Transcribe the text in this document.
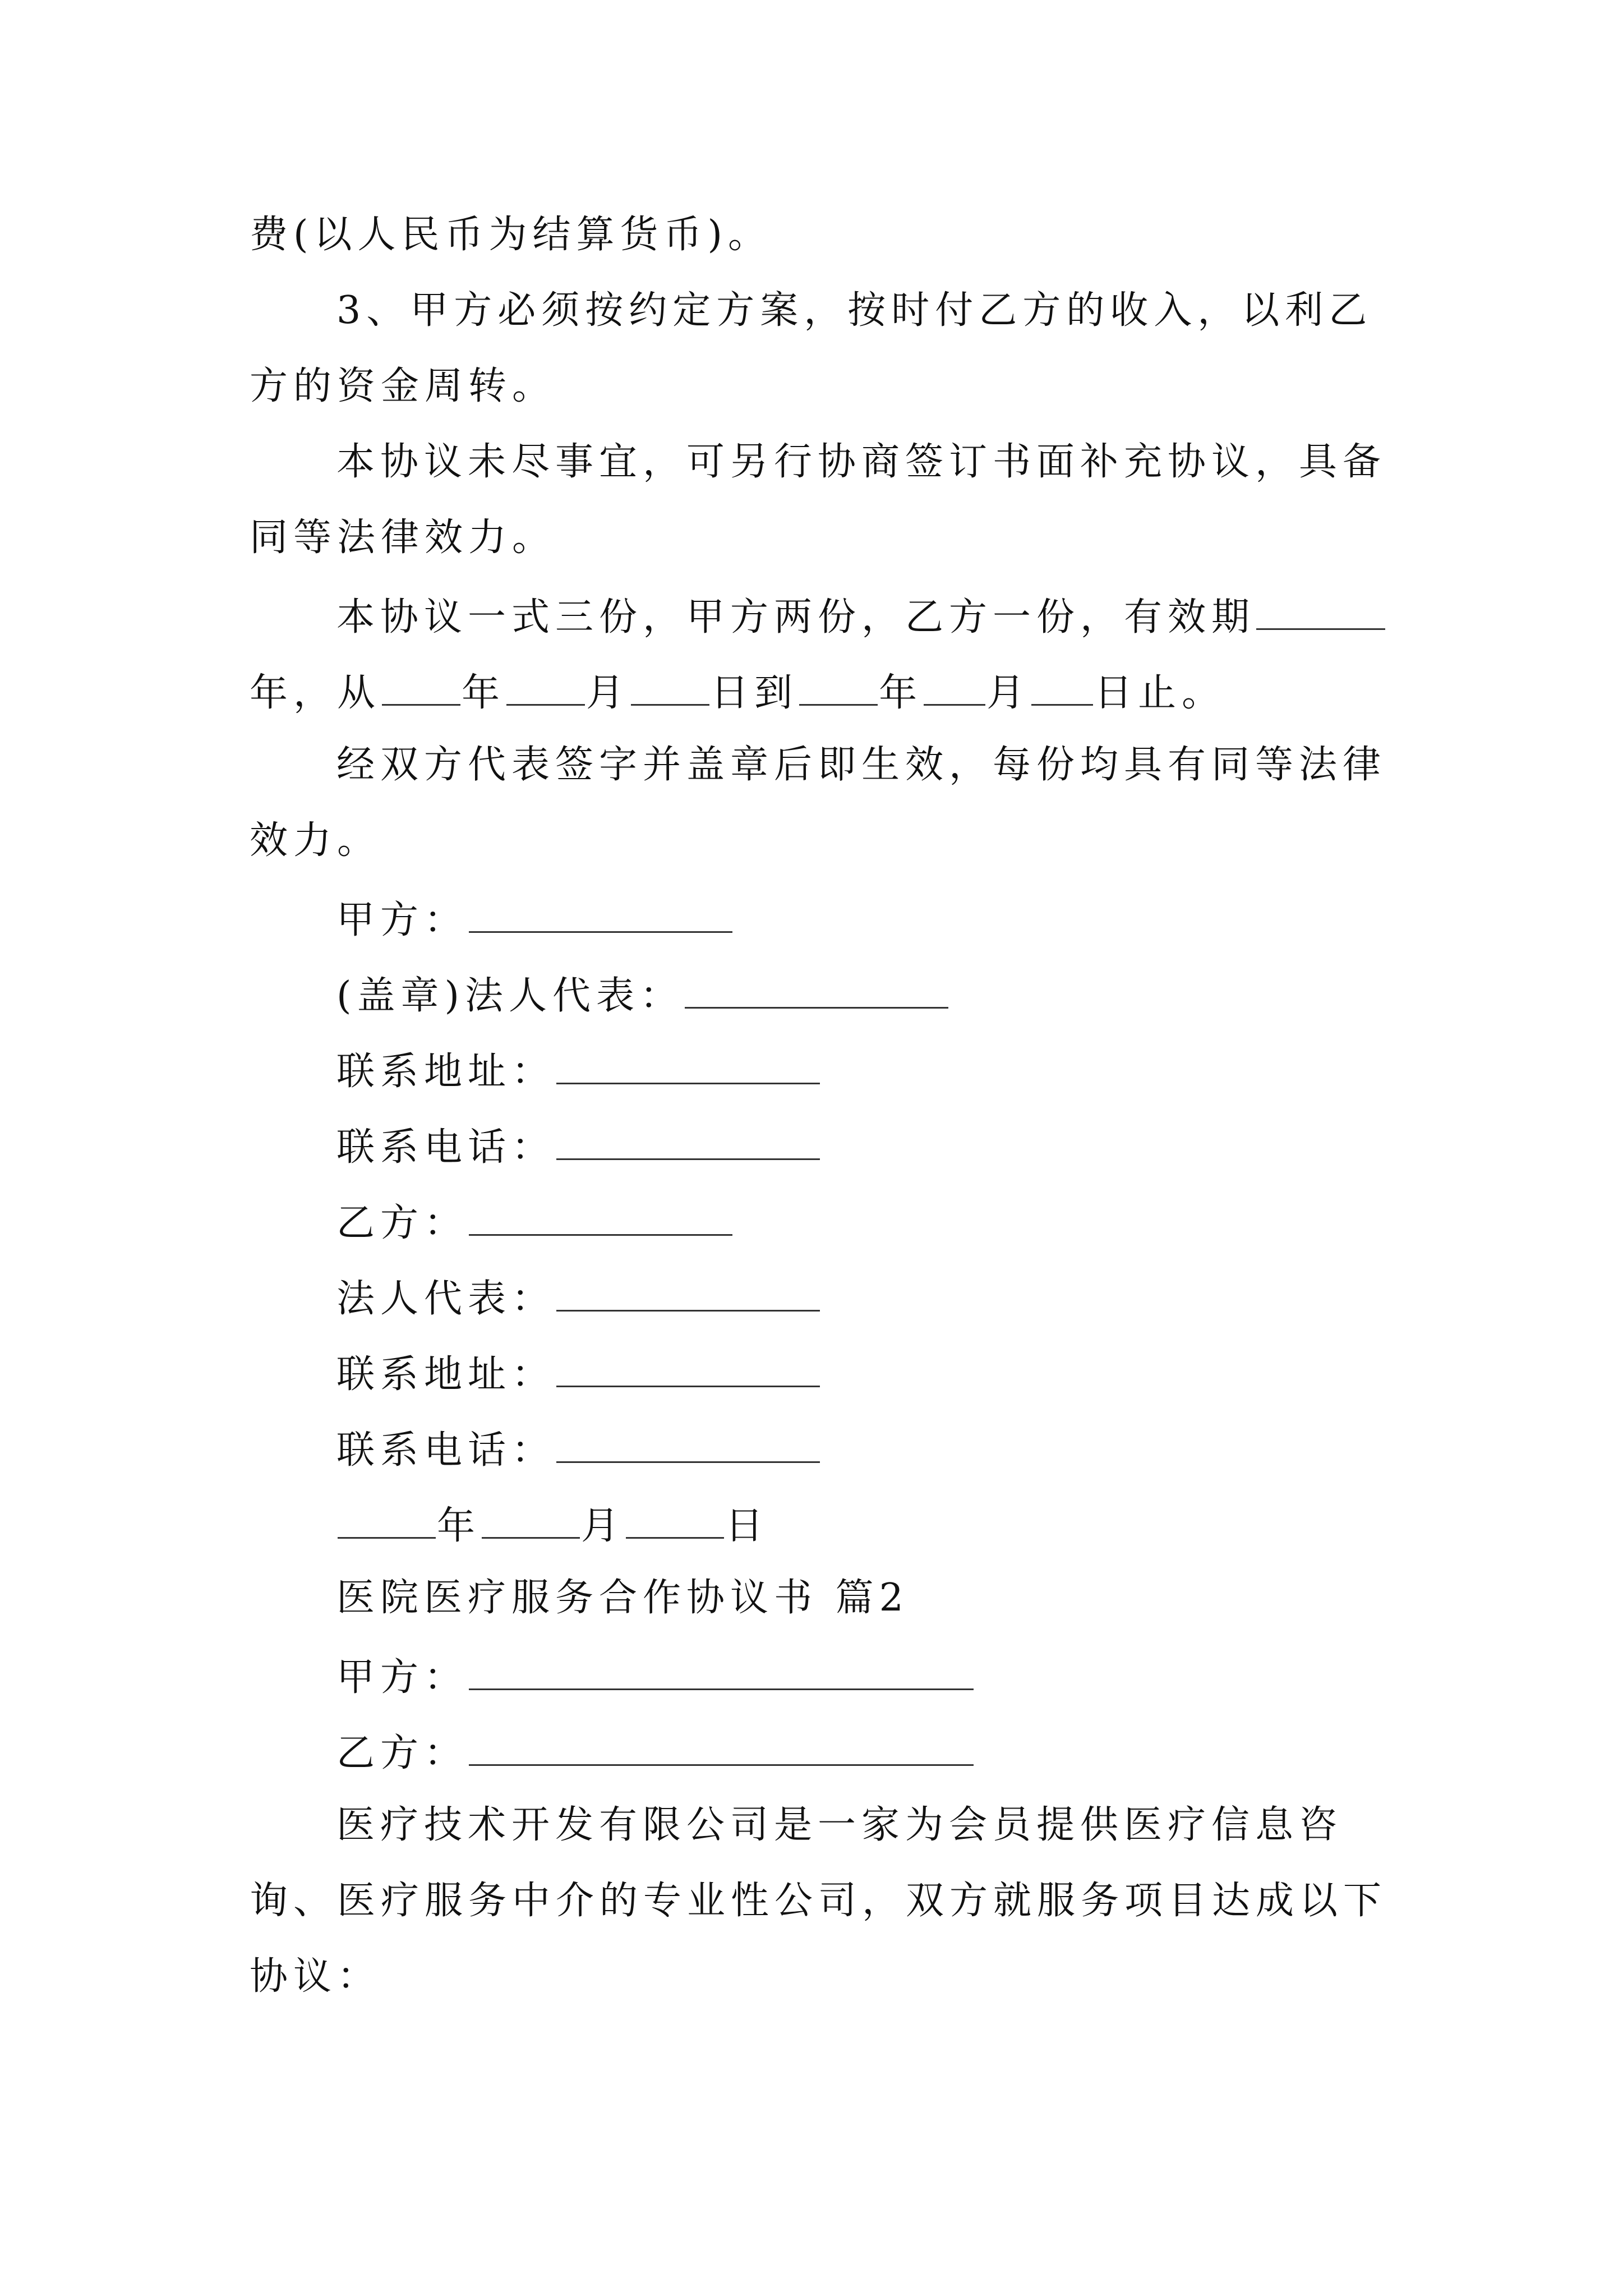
费(以人民币为结算货币)。
3、甲方必须按约定方案，按时付乙方的收入，以利乙
方的资金周转。
本协议未尽事宜，可另行协商签订书面补充协议，具备
同等法律效力。
本协议一式三份，甲方两份，乙方一份，有效期
年，从 年 月 日到 年 月 日止。
经双方代表签字并盖章后即生效，每份均具有同等法律
效力。
甲方：
(盖章)法人代表：
联系地址：
联系电话：
乙方：
法人代表：
联系地址：
联系电话：
年	月	日
医院医疗服务合作协议书 篇2
甲方：
乙方：
医疗技术开发有限公司是一家为会员提供医疗信息咨
询、医疗服务中介的专业性公司，双方就服务项目达成以下
协议：
